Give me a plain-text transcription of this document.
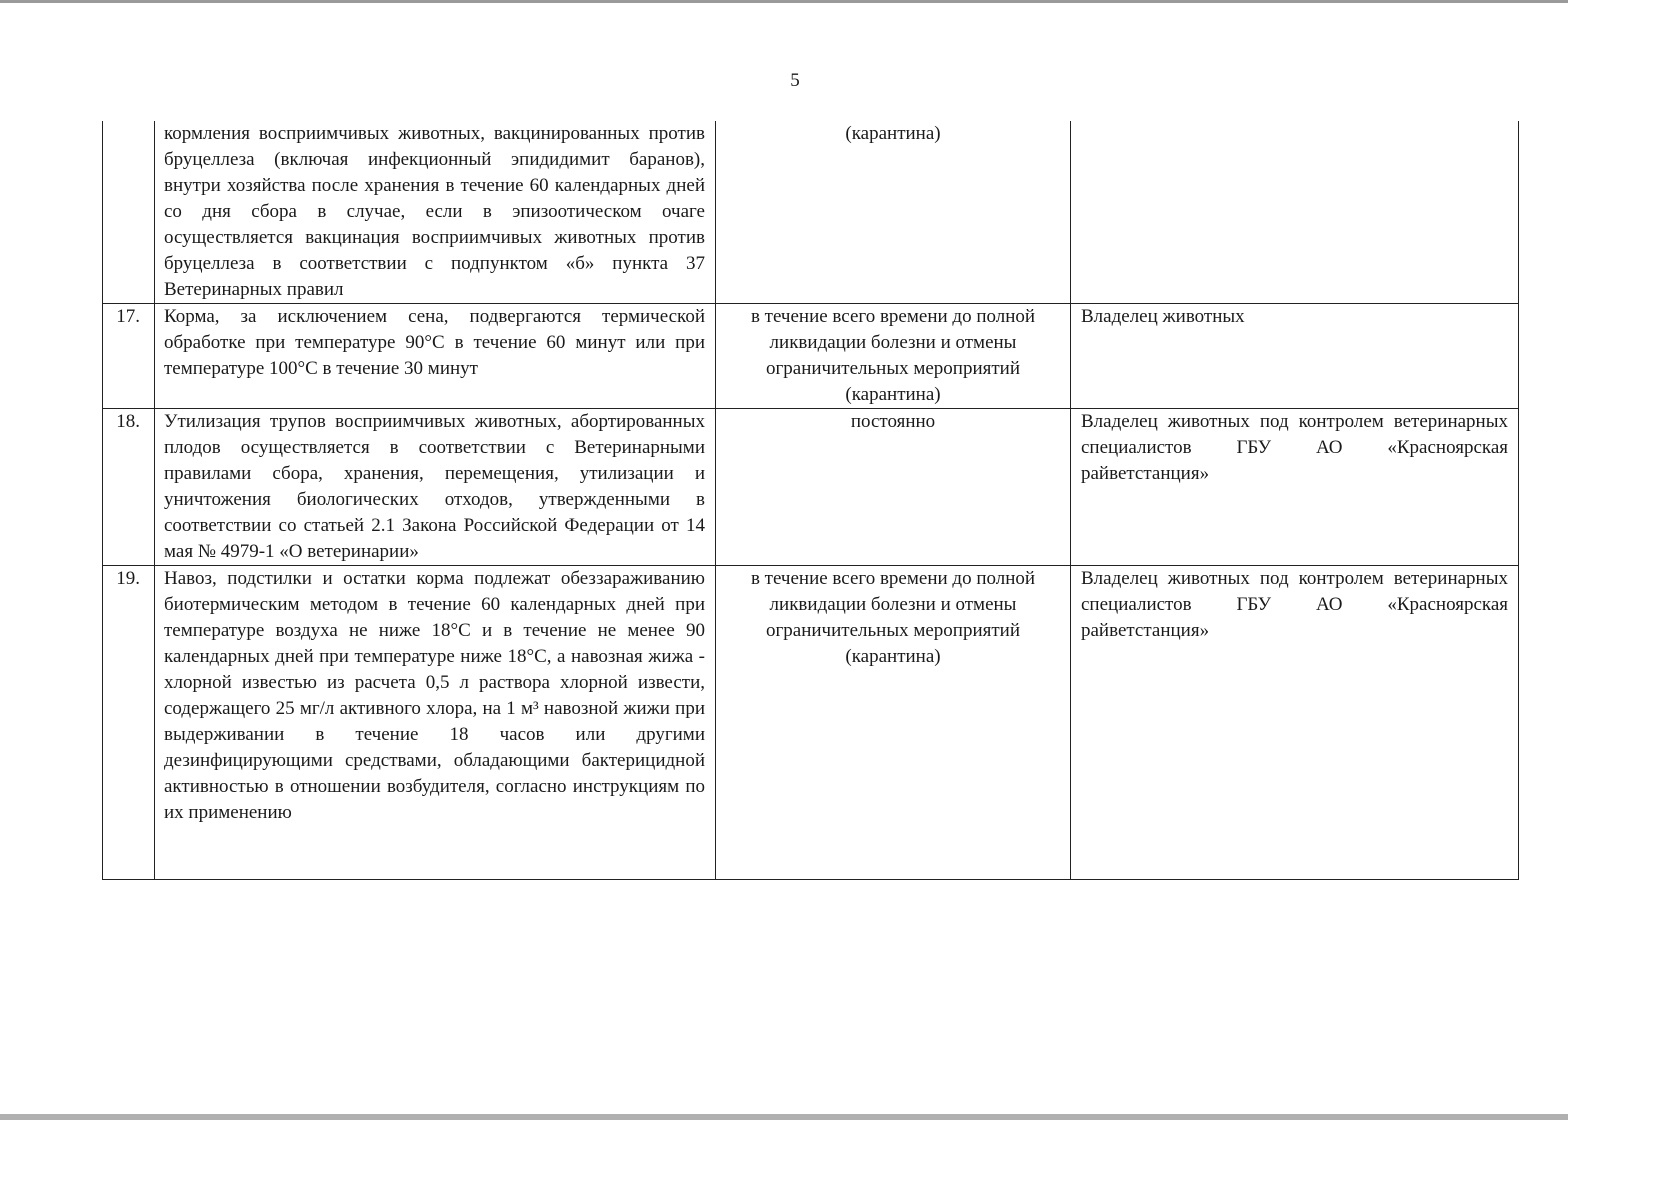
5
	кормления восприимчивых животных, вакцинированных против бруцеллеза (включая инфекционный эпидидимит баранов), внутри хозяйства после хранения в течение 60 календарных дней со дня сбора в случае, если в эпизоотическом очаге осуществляется вакцинация восприимчивых животных против бруцеллеза в соответствии с подпунктом «б» пункта 37 Ветеринарных правил	(карантина)	
17.	Корма, за исключением сена, подвергаются термической обработке при температуре 90°С в течение 60 минут или при температуре 100°С в течение 30 минут	в течение всего времени до полной ликвидации болезни и отмены ограничительных мероприятий (карантина)	Владелец животных
18.	Утилизация трупов восприимчивых животных, абортированных плодов осуществляется в соответствии с Ветеринарными правилами сбора, хранения, перемещения, утилизации и уничтожения биологических отходов, утвержденными в соответствии со статьей 2.1 Закона Российской Федерации от 14 мая № 4979-1 «О ветеринарии»	постоянно	Владелец животных под контролем ветеринарных специалистов ГБУ АО «Красноярская райветстанция»
19.	Навоз, подстилки и остатки корма подлежат обеззараживанию биотермическим методом в течение 60 календарных дней при температуре воздуха не ниже 18°С и в течение не менее 90 календарных дней при температуре ниже 18°С, а навозная жижа - хлорной известью из расчета 0,5 л раствора хлорной извести, содержащего 25 мг/л активного хлора, на 1 м³ навозной жижи при выдерживании в течение 18 часов или другими дезинфицирующими средствами, обладающими бактерицидной активностью в отношении возбудителя, согласно инструкциям по их применению	в течение всего времени до полной ликвидации болезни и отмены ограничительных мероприятий (карантина)	Владелец животных под контролем ветеринарных специалистов ГБУ АО «Красноярская райветстанция»
